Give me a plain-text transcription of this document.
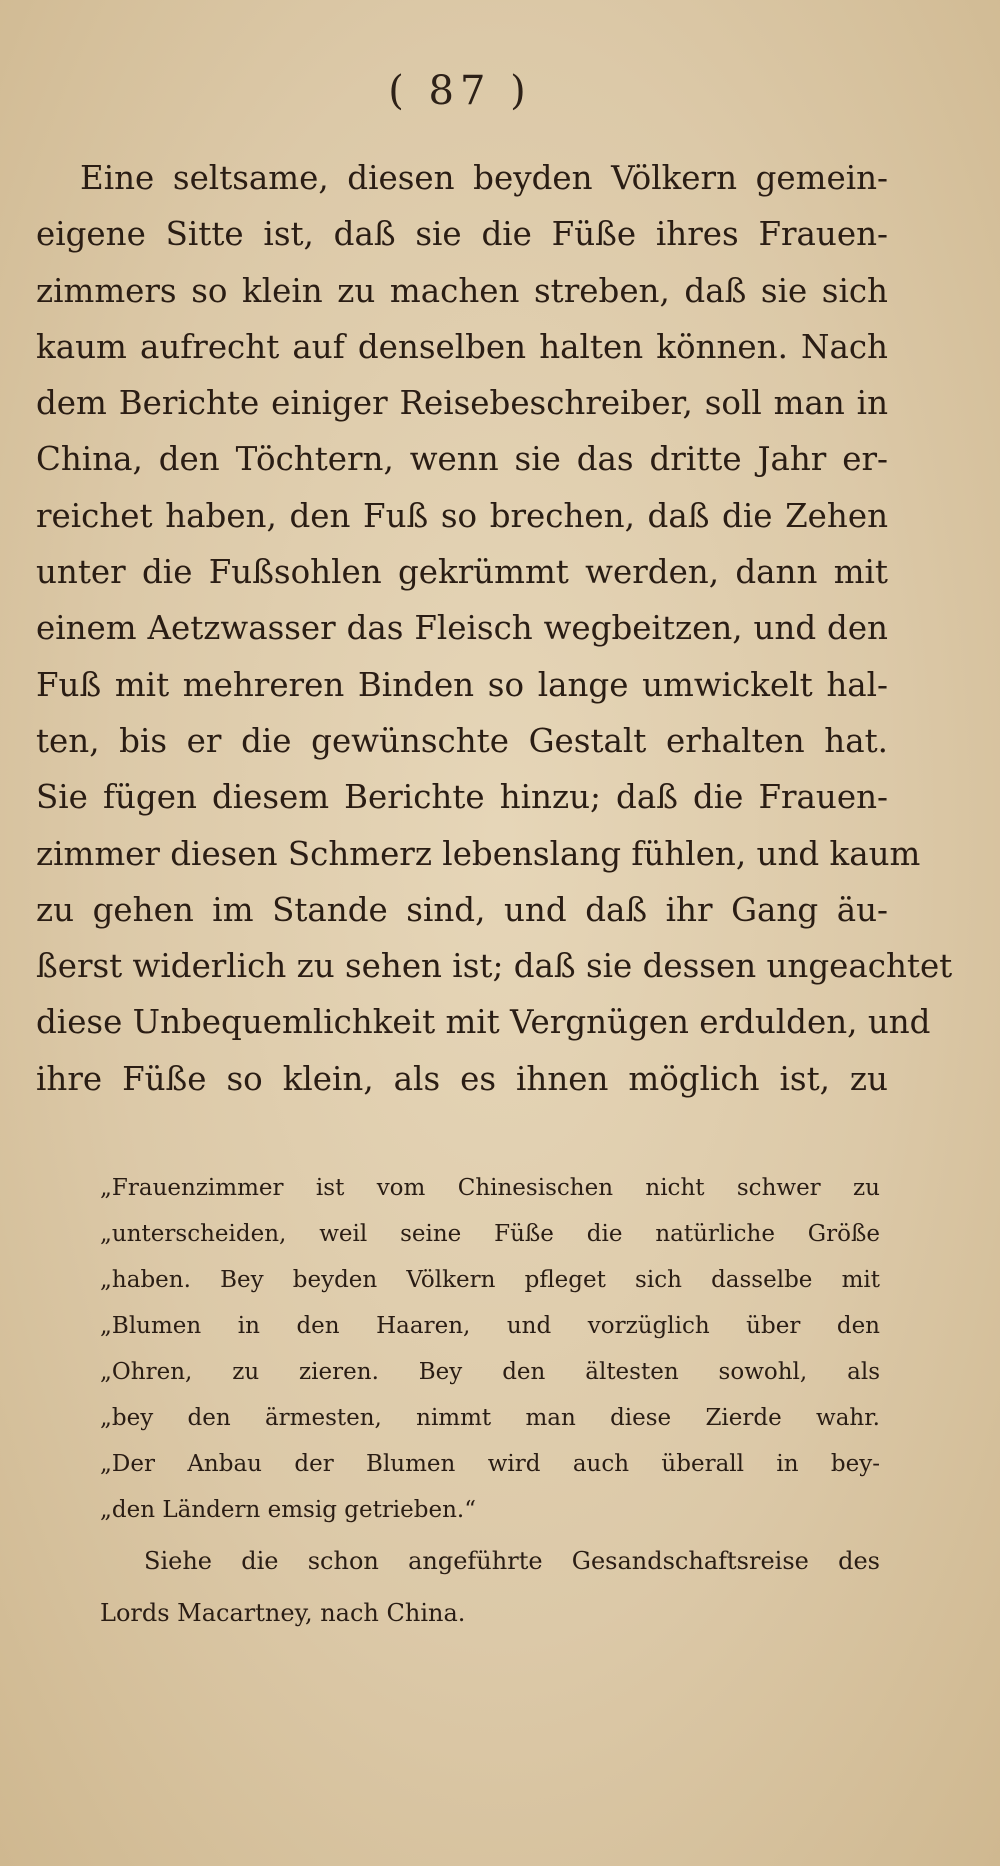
( 87 )
Eine seltsame, diesen beyden Völkern gemein-
eigene Sitte ist, daß sie die Füße ihres Frauen-
zimmers so klein zu machen streben, daß sie sich
kaum aufrecht auf denselben halten können. Nach
dem Berichte einiger Reisebeschreiber, soll man in
China, den Töchtern, wenn sie das dritte Jahr er-
reichet haben, den Fuß so brechen, daß die Zehen
unter die Fußsohlen gekrümmt werden, dann mit
einem Aetzwasser das Fleisch wegbeitzen, und den
Fuß mit mehreren Binden so lange umwickelt hal-
ten, bis er die gewünschte Gestalt erhalten hat.
Sie fügen diesem Berichte hinzu; daß die Frauen-
zimmer diesen Schmerz lebenslang fühlen, und kaum
zu gehen im Stande sind, und daß ihr Gang äu-
ßerst widerlich zu sehen ist; daß sie dessen ungeachtet
diese Unbequemlichkeit mit Vergnügen erdulden, und
ihre Füße so klein, als es ihnen möglich ist, zu
„Frauenzimmer ist vom Chinesischen nicht schwer zu
„unterscheiden, weil seine Füße die natürliche Größe
„haben. Bey beyden Völkern pfleget sich dasselbe mit
„Blumen in den Haaren, und vorzüglich über den
„Ohren, zu zieren. Bey den ältesten sowohl, als
„bey den ärmesten, nimmt man diese Zierde wahr.
„Der Anbau der Blumen wird auch überall in bey-
„den Ländern emsig getrieben.“
Siehe die schon angeführte Gesandschaftsreise des
Lords Macartney, nach China.
